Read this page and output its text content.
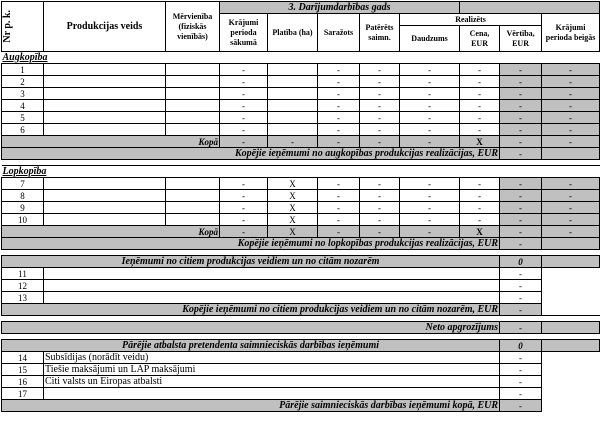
Nr p. k.	Produkcijas veids	Mērvienība (fiziskās vienībās)	3. Darījumdarbības gads							
			Krājumi perioda sākumā	Platība (ha)	Saražots	Patērēts saimn.	Realizēts			Krājumi perioda beigās
							Daudzums	Cena, EUR	Vērtība, EUR	
Augkopība										
1			-		-	-	-	-	-	-
2			-		-	-	-	-	-	-
3			-		-	-	-	-	-	-
4			-		-	-	-	-	-	-
5			-		-	-	-	-	-	-
6			-		-	-	-	-	-	-
Kopā			-	-	-	-	-	X	-	-
Kopējie ieņēmumi no augkopības produkcijas realizācijas, EUR									-	

Lopkopība										
7			-	X	-	-	-	-	-	-
8			-	X	-	-	-	-	-	-
9			-	X	-	-	-	-	-	-
10			-	X	-	-	-	-	-	-
Kopā			-	X	-	-	-	X	-	-
Kopējie ieņēmumi no lopkopības produkcijas realizācijas, EUR									-	

Ieņēmumi no citiem produkcijas veidiem un no citām nozarēm									0	
11									-	
12									-	
13									-	
Kopējie ieņēmumi no citiem produkcijas veidiem un no citām nozarēm, EUR									-	

Neto apgrozījums									-	

Pārējie atbalsta pretendenta saimnieciskās darbības ieņēmumi									0	
14	Subsīdijas (norādīt veidu)								-	
15	Tiešie maksājumi un LAP maksājumi								-	
16	Citi valsts un Eiropas atbalsti								-	
17									-	
Pārējie saimnieciskās darbības ieņēmumi kopā, EUR									-	
